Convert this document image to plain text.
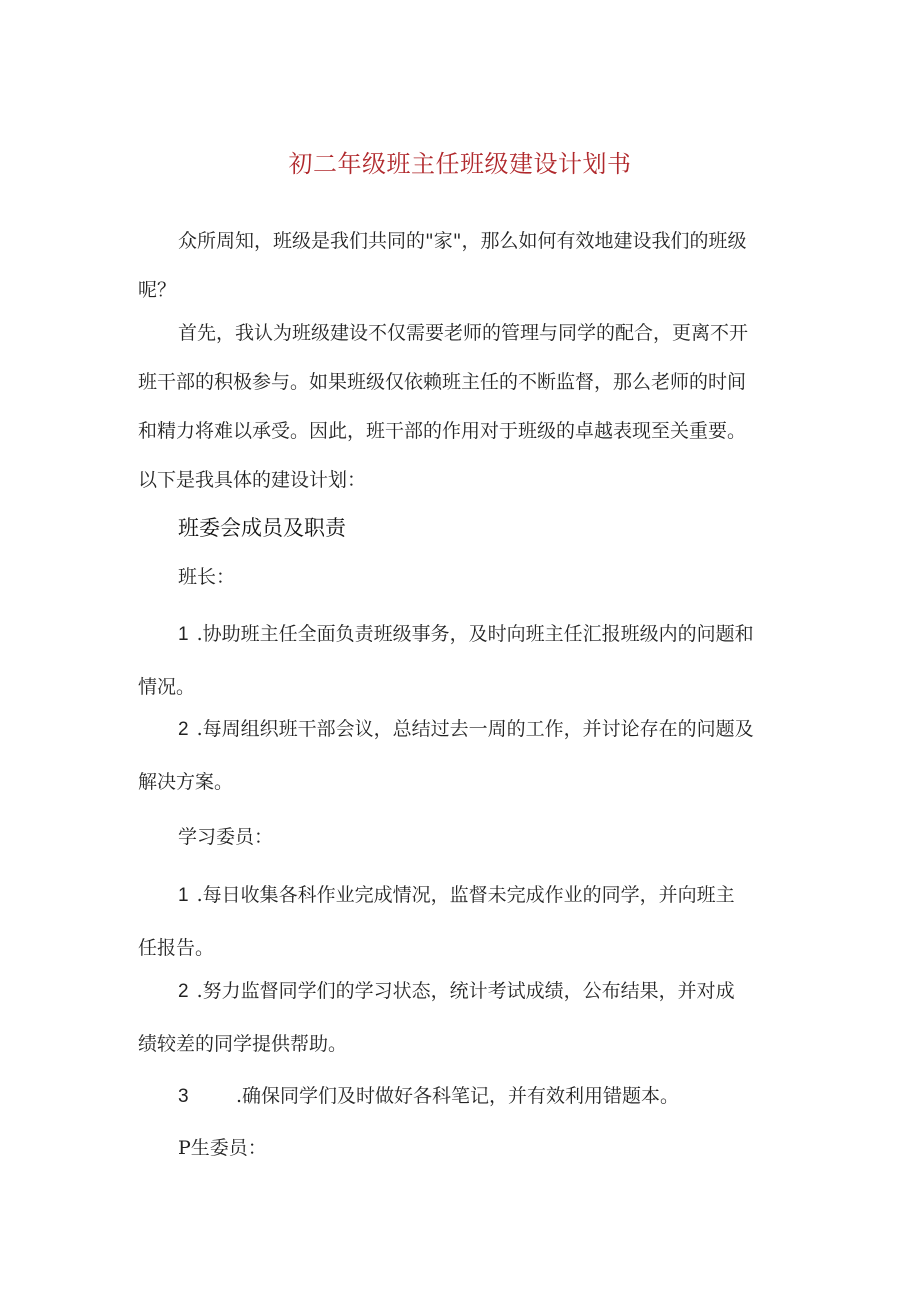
初二年级班主任班级建设计划书
众所周知，班级是我们共同的"家"，那么如何有效地建设我们的班级
呢？
首先，我认为班级建设不仅需要老师的管理与同学的配合，更离不开
班干部的积极参与。如果班级仅依赖班主任的不断监督，那么老师的时间
和精力将难以承受。因此，班干部的作用对于班级的卓越表现至关重要。
以下是我具体的建设计划：
班委会成员及职责
班长：
1 .协助班主任全面负责班级事务，及时向班主任汇报班级内的问题和
情况。
2 .每周组织班干部会议，总结过去一周的工作，并讨论存在的问题及
解决方案。
学习委员：
1 .每日收集各科作业完成情况，监督未完成作业的同学，并向班主
任报告。
2 .努力监督同学们的学习状态，统计考试成绩，公布结果，并对成
绩较差的同学提供帮助。
3 .确保同学们及时做好各科笔记，并有效利用错题本。
P生委员：
